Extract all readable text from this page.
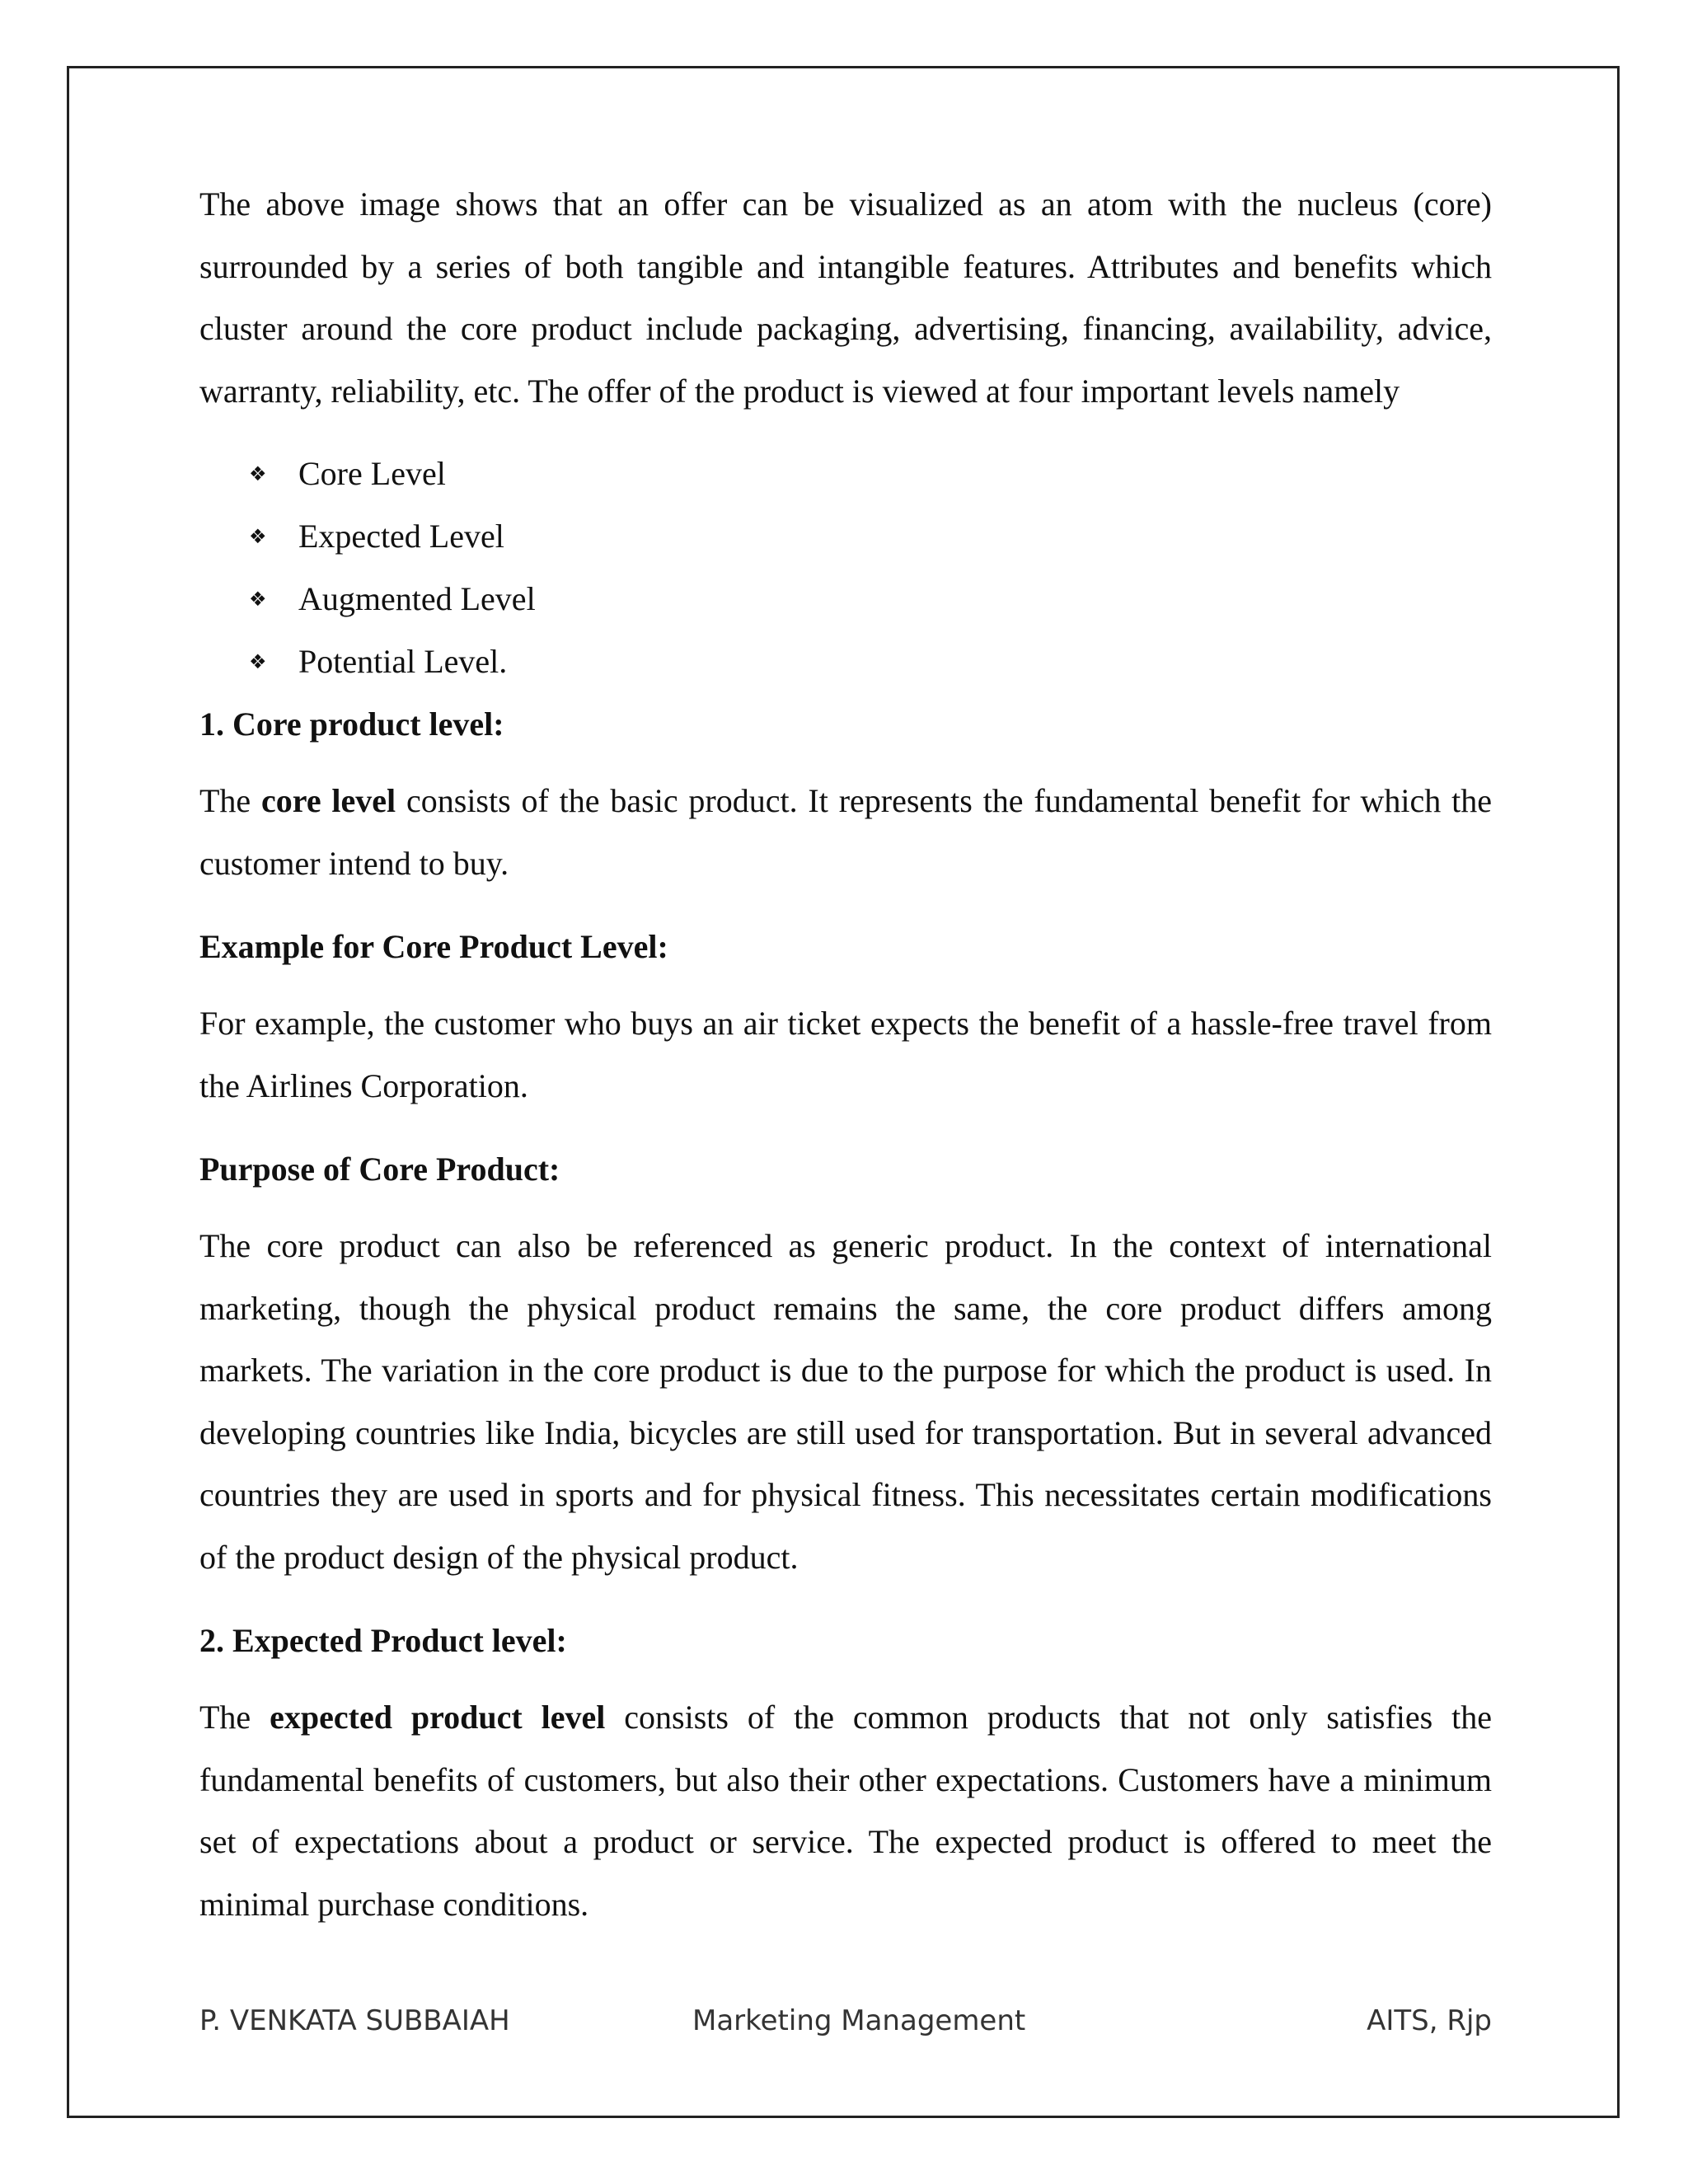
The above image shows that an offer can be visualized as an atom with the nucleus (core) surrounded by a series of both tangible and intangible features. Attributes and benefits which cluster around the core product include packaging, advertising, financing, availability, advice, warranty, reliability, etc. The offer of the product is viewed at four important levels namely

❖ Core Level
❖ Expected Level
❖ Augmented Level
❖ Potential Level.
1. Core product level:

The core level consists of the basic product. It represents the fundamental benefit for which the customer intend to buy.

Example for Core Product Level:

For example, the customer who buys an air ticket expects the benefit of a hassle-free travel from the Airlines Corporation.

Purpose of Core Product:

The core product can also be referenced as generic product. In the context of international marketing, though the physical product remains the same, the core product differs among markets. The variation in the core product is due to the purpose for which the product is used. In developing countries like India, bicycles are still used for transportation. But in several advanced countries they are used in sports and for physical fitness. This necessitates certain modifications of the product design of the physical product.

2. Expected Product level:

The expected product level consists of the common products that not only satisfies the fundamental benefits of customers, but also their other expectations. Customers have a minimum set of expectations about a product or service. The expected product is offered to meet the minimal purchase conditions.

P. VENKATA SUBBAIAH	Marketing Management	AITS, Rjp
